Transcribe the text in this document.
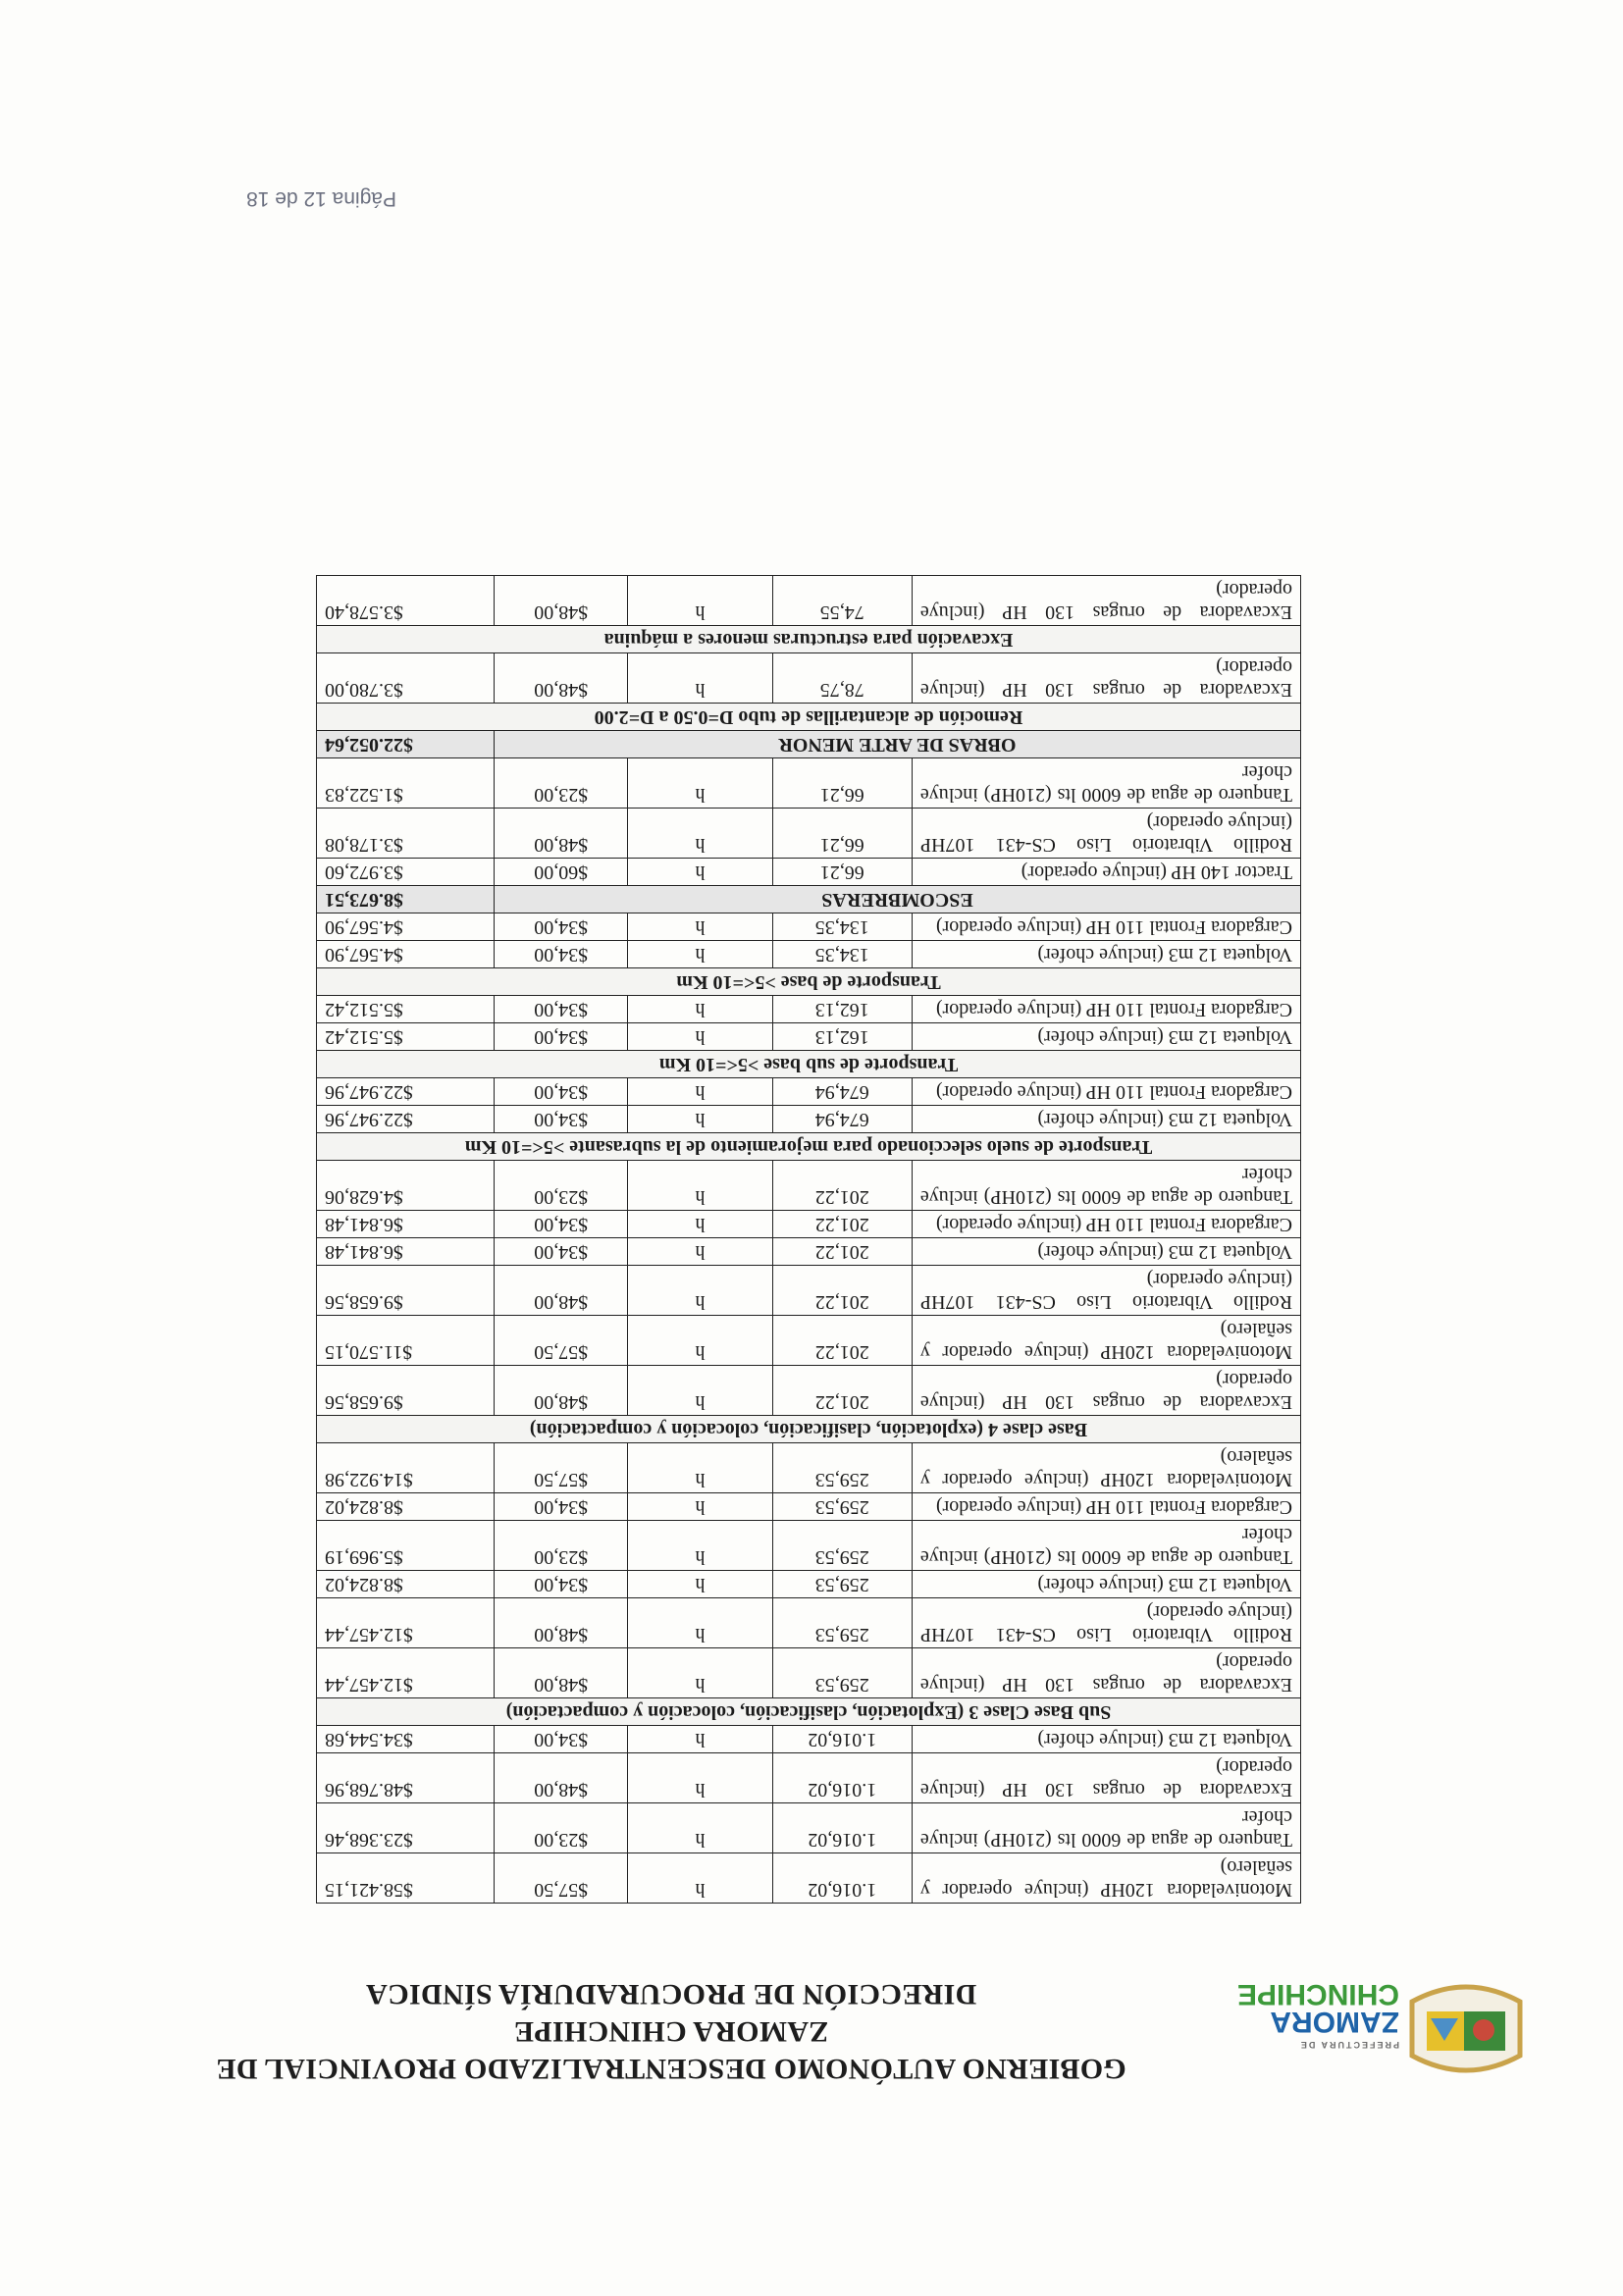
PREFECTURA DE
ZAMORA
CHINCHIPE
GOBIERNO AUTÓNOMO DESCENTRALIZADO PROVINCIAL DE
ZAMORA CHINCHIPE
DIRECCIÓN DE PROCURADURÍA SÍNDICA
Motoniveladora 120HP (incluye operador y señalero)	1.016,02	h	$57,50	$58.421,15
Tanquero de agua de 6000 lts (210HP) incluye chofer	1.016,02	h	$23,00	$23.368,46
Excavadora de orugas 130 HP (incluye operador)	1.016,02	h	$48,00	$48.768,96
Volqueta 12 m3 (incluye chofer)	1.016,02	h	$34,00	$34.544,68
Sub Base Clase 3 (Explotación, clasificación, colocación y compactación)				
Excavadora de orugas 130 HP (incluye operador)	259,53	h	$48,00	$12.457,44
Rodillo Vibratorio Liso CS-431 107HP (incluye operador)	259,53	h	$48,00	$12.457,44
Volqueta 12 m3 (incluye chofer)	259,53	h	$34,00	$8.824,02
Tanquero de agua de 6000 lts (210HP) incluye chofer	259,53	h	$23,00	$5.969,19
Cargadora Frontal 110 HP (incluye operador)	259,53	h	$34,00	$8.824,02
Motoniveladora 120HP (incluye operador y señalero)	259,53	h	$57,50	$14.922,98
Base clase 4 (explotación, clasificación, colocación y compactación)				
Excavadora de orugas 130 HP (incluye operador)	201,22	h	$48,00	$9.658,56
Motoniveladora 120HP (incluye operador y señalero)	201,22	h	$57,50	$11.570,15
Rodillo Vibratorio Liso CS-431 107HP (incluye operador)	201,22	h	$48,00	$9.658,56
Volqueta 12 m3 (incluye chofer)	201,22	h	$34,00	$6.841,48
Cargadora Frontal 110 HP (incluye operador)	201,22	h	$34,00	$6.841,48
Tanquero de agua de 6000 lts (210HP) incluye chofer	201,22	h	$23,00	$4.628,06
Transporte de suelo seleccionado para mejoramiento de la subrasante >5<=10 Km				
Volqueta 12 m3 (incluye chofer)	674,94	h	$34,00	$22.947,96
Cargadora Frontal 110 HP (incluye operador)	674,94	h	$34,00	$22.947,96
Transporte de sub base >5<=10 Km				
Volqueta 12 m3 (incluye chofer)	162,13	h	$34,00	$5.512,42
Cargadora Frontal 110 HP (incluye operador)	162,13	h	$34,00	$5.512,42
Transporte de base >5<=10 Km				
Volqueta 12 m3 (incluye chofer)	134,35	h	$34,00	$4.567,90
Cargadora Frontal 110 HP (incluye operador)	134,35	h	$34,00	$4.567,90
ESCOMBRERAS				$8.673,51
Tractor 140 HP (incluye operador)	66,21	h	$60,00	$3.972,60
Rodillo Vibratorio Liso CS-431 107HP (incluye operador)	66,21	h	$48,00	$3.178,08
Tanquero de agua de 6000 lts (210HP) incluye chofer	66,21	h	$23,00	$1.522,83
OBRAS DE ARTE MENOR				$22.052,64
Remoción de alcantarillas de tubo D=0.50 a D=2.00				
Excavadora de orugas 130 HP (incluye operador)	78,75	h	$48,00	$3.780,00
Excavación para estructuras menores a máquina				
Excavadora de orugas 130 HP (incluye operador)	74,55	h	$48,00	$3.578,40
Página 12 de 18
